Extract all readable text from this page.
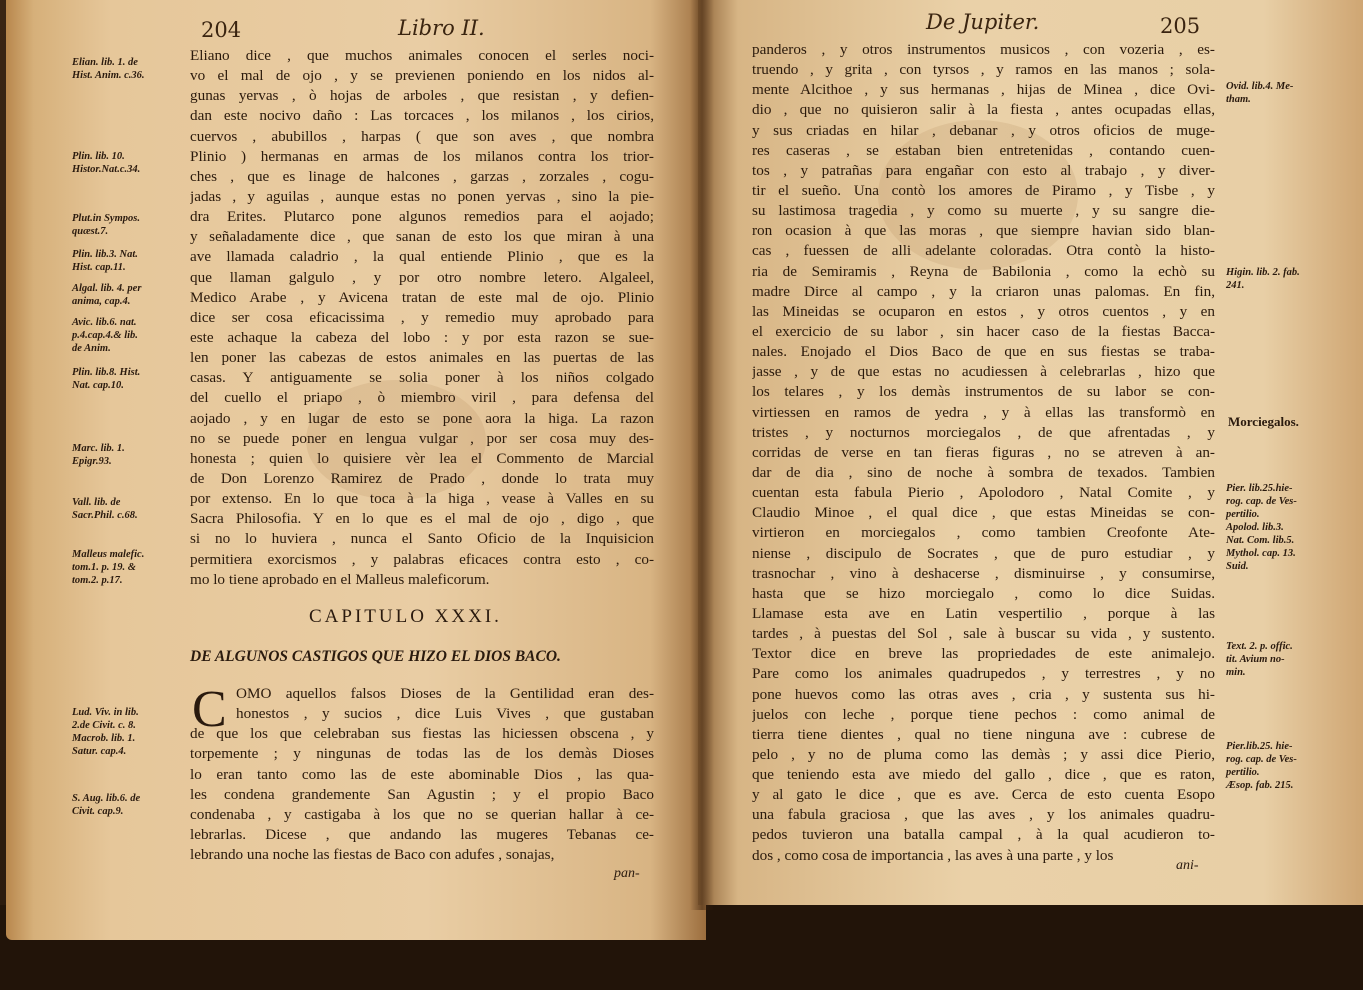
204	Libro II.
Elian. lib. 1. de
Hist. Anim. c.36.
Plin. lib. 10.
Histor.Nat.c.34.
Plut.in Sympos.
quæst.7.
Plin. lib.3. Nat.
Hist. cap.11.
Algal. lib. 4. per
anima, cap.4.
Avic. lib.6. nat.
p.4.cap.4.& lib.
de Anim.
Plin. lib.8. Hist.
Nat. cap.10.
Marc. lib. 1.
Epigr.93.
Vall. lib. de
Sacr.Phil. c.68.
Malleus malefic.
tom.1. p. 19. &
tom.2. p.17.
Lud. Viv. in lib.
2.de Civit. c. 8.
Macrob. lib. 1.
Satur. cap.4.
S. Aug. lib.6. de
Civit. cap.9.
Eliano dice , que muchos animales conocen el serles noci-
vo el mal de ojo , y se previenen poniendo en los nidos al-
gunas yervas , ò hojas de arboles , que resistan , y defien-
dan este nocivo daño : Las torcaces , los milanos , los cirios,
cuervos , abubillos , harpas ( que son aves , que nombra
Plinio ) hermanas en armas de los milanos contra los trior-
ches , que es linage de halcones , garzas , zorzales , cogu-
jadas , y aguilas , aunque estas no ponen yervas , sino la pie-
dra Erites. Plutarco pone algunos remedios para el aojado;
y señaladamente dice , que sanan de esto los que miran à una
ave llamada caladrio , la qual entiende Plinio , que es la
que llaman galgulo , y por otro nombre letero. Algaleel,
Medico Arabe , y Avicena tratan de este mal de ojo. Plinio
dice ser cosa eficacissima , y remedio muy aprobado para
este achaque la cabeza del lobo : y por esta razon se sue-
len poner las cabezas de estos animales en las puertas de las
casas. Y antiguamente se solia poner à los niños colgado
del cuello el priapo , ò miembro viril , para defensa del
aojado , y en lugar de esto se pone aora la higa. La razon
no se puede poner en lengua vulgar , por ser cosa muy des-
honesta ; quien lo quisiere vèr lea el Commento de Marcial
de Don Lorenzo Ramirez de Prado , donde lo trata muy
por extenso. En lo que toca à la higa , vease à Valles en su
Sacra Philosofia. Y en lo que es el mal de ojo , digo , que
si no lo huviera , nunca el Santo Oficio de la Inquisicion
permitiera exorcismos , y palabras eficaces contra esto , co-
mo lo tiene aprobado en el Malleus maleficorum.
CAPITULO XXXI.
DE ALGUNOS CASTIGOS QUE HIZO EL DIOS BACO.
C OMO aquellos falsos Dioses de la Gentilidad eran des-
honestos , y sucios , dice Luis Vives , que gustaban
de que los que celebraban sus fiestas las hiciessen obscena , y
torpemente ; y ningunas de todas las de los demàs Dioses
lo eran tanto como las de este abominable Dios , las qua-
les condena grandemente San Agustin ; y el propio Baco
condenaba , y castigaba à los que no se querian hallar à ce-
lebrarlas. Dicese , que andando las mugeres Tebanas ce-
lebrando una noche las fiestas de Baco con adufes , sonajas,
pan-
De Jupiter.	205
panderos , y otros instrumentos musicos , con vozeria , es-
truendo , y grita , con tyrsos , y ramos en las manos ; sola-
mente Alcithoe , y sus hermanas , hijas de Minea , dice Ovi-
dio , que no quisieron salir à la fiesta , antes ocupadas ellas,
y sus criadas en hilar , debanar , y otros oficios de muge-
res caseras , se estaban bien entretenidas , contando cuen-
tos , y patrañas para engañar con esto al trabajo , y diver-
tir el sueño. Una contò los amores de Piramo , y Tisbe , y
su lastimosa tragedia , y como su muerte , y su sangre die-
ron ocasion à que las moras , que siempre havian sido blan-
cas , fuessen de alli adelante coloradas. Otra contò la histo-
ria de Semiramis , Reyna de Babilonia , como la echò su
madre Dirce al campo , y la criaron unas palomas. En fin,
las Mineidas se ocuparon en estos , y otros cuentos , y en
el exercicio de su labor , sin hacer caso de la fiestas Bacca-
nales. Enojado el Dios Baco de que en sus fiestas se traba-
jasse , y de que estas no acudiessen à celebrarlas , hizo que
los telares , y los demàs instrumentos de su labor se con-
virtiessen en ramos de yedra , y à ellas las transformò en
tristes , y nocturnos morciegalos , de que afrentadas , y
corridas de verse en tan fieras figuras , no se atreven à an-
dar de dia , sino de noche à sombra de texados. Tambien
cuentan esta fabula Pierio , Apolodoro , Natal Comite , y
Claudio Minoe , el qual dice , que estas Mineidas se con-
virtieron en morciegalos , como tambien Creofonte Ate-
niense , discipulo de Socrates , que de puro estudiar , y
trasnochar , vino à deshacerse , disminuirse , y consumirse,
hasta que se hizo morciegalo , como lo dice Suidas.
Llamase esta ave en Latin vespertilio , porque à las
tardes , à puestas del Sol , sale à buscar su vida , y sustento.
Textor dice en breve las propriedades de este animalejo.
Pare como los animales quadrupedos , y terrestres , y no
pone huevos como las otras aves , cria , y sustenta sus hi-
juelos con leche , porque tiene pechos : como animal de
tierra tiene dientes , qual no tiene ninguna ave : cubrese de
pelo , y no de pluma como las demàs ; y assi dice Pierio,
que teniendo esta ave miedo del gallo , dice , que es raton,
y al gato le dice , que es ave. Cerca de esto cuenta Esopo
una fabula graciosa , que las aves , y los animales quadru-
pedos tuvieron una batalla campal , à la qual acudieron to-
dos , como cosa de importancia , las aves à una parte , y los
Morciegalos.
Ovid. lib.4. Me-
tham.
Higin. lib. 2. fab.
241.
Pier. lib.25.hie-
rog. cap. de Ves-
pertilio.
Apolod. lib.3.
Nat. Com. lib.5.
Mythol. cap. 13.
Suid.
Text. 2. p. offic.
tit. Avium no-
min.
Pier.lib.25. hie-
rog. cap. de Ves-
pertilio.
Æsop. fab. 215.
ani-
